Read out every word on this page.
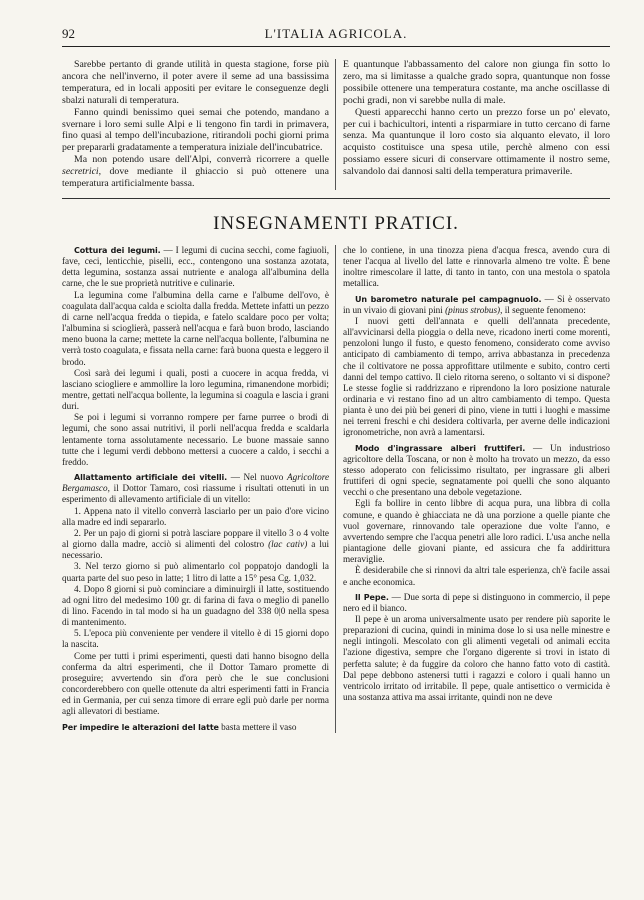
92	L'ITALIA AGRICOLA.

Sarebbe pertanto di grande utilità in questa stagione, forse più ancora che nell'inverno, il poter avere il seme ad una bassissima temperatura, ed in locali appositi per evitare le conseguenze degli sbalzi naturali di temperatura.

Fanno quindi benissimo quei semai che potendo, mandano a svernare i loro semi sulle Alpi e li tengono fin tardi in primavera, fino quasi al tempo dell'incubazione, ritirandoli pochi giorni prima per prepararli gradatamente a temperatura iniziale dell'incubatrice.

Ma non potendo usare dell'Alpi, converrà ricorrere a quelle secretrici, dove mediante il ghiaccio si può ottenere una temperatura artificialmente bassa.

E quantunque l'abbassamento del calore non giunga fin sotto lo zero, ma si limitasse a qualche grado sopra, quantunque non fosse possibile ottenere una temperatura costante, ma anche oscillasse di pochi gradi, non vi sarebbe nulla di male.

Questi apparecchi hanno certo un prezzo forse un po' elevato, per cui i bachicultori, intenti a risparmiare in tutto cercano di farne senza. Ma quantunque il loro costo sia alquanto elevato, il loro acquisto costituisce una spesa utile, perchè almeno con essi possiamo essere sicuri di conservare ottimamente il nostro seme, salvandolo dai dannosi salti della temperatura primaverile.

INSEGNAMENTI PRATICI.

Cottura dei legumi. — I legumi di cucina secchi, come fagiuoli, fave, ceci, lenticchie, piselli, ecc., contengono una sostanza azotata, detta legumina, sostanza assai nutriente e analoga all'albumina della carne, che le sue proprietà nutritive e culinarie.

La legumina come l'albumina della carne e l'albume dell'ovo, è coagulata dall'acqua calda e sciolta dalla fredda. Mettete infatti un pezzo di carne nell'acqua fredda o tiepida, e fatelo scaldare poco per volta; l'albumina si scioglierà, passerà nell'acqua e farà buon brodo, lasciando meno buona la carne; mettete la carne nell'acqua bollente, l'albumina ne verrà tosto coagulata, e fissata nella carne: farà buona questa e leggero il brodo.

Così sarà dei legumi i quali, posti a cuocere in acqua fredda, vi lasciano sciogliere e ammollire la loro legumina, rimanendone morbidi; mentre, gettati nell'acqua bollente, la legumina si coagula e lascia i grani duri.

Se poi i legumi si vorranno rompere per farne purree o brodi di legumi, che sono assai nutritivi, il porli nell'acqua fredda e scaldarla lentamente torna assolutamente necessario. Le buone massaie sanno tutte che i legumi verdi debbono mettersi a cuocere a caldo, i secchi a freddo.

Allattamento artificiale dei vitelli. — Nel nuovo Agricoltore Bergamasco, il Dottor Tamaro, così riassume i risultati ottenuti in un esperimento di allevamento artificiale di un vitello:

1. Appena nato il vitello converrà lasciarlo per un paio d'ore vicino alla madre ed indi separarlo.

2. Per un pajo di giorni si potrà lasciare poppare il vitello 3 o 4 volte al giorno dalla madre, acciò si alimenti del colostro (lac cativ) a lui necessario.

3. Nel terzo giorno si può alimentarlo col poppatojo dandogli la quarta parte del suo peso in latte; 1 litro di latte a 15° pesa Cg. 1,032.

4. Dopo 8 giorni si può cominciare a diminuirgli il latte, sostituendo ad ogni litro del medesimo 100 gr. di farina di fava o meglio di panello di lino. Facendo in tal modo si ha un guadagno del 338 0|0 nella spesa di mantenimento.

5. L'epoca più conveniente per vendere il vitello è di 15 giorni dopo la nascita.

Come per tutti i primi esperimenti, questi dati hanno bisogno della conferma da altri esperimenti, che il Dottor Tamaro promette di proseguire; avvertendo sin d'ora però che le sue conclusioni concorderebbero con quelle ottenute da altri esperimenti fatti in Francia ed in Germania, per cui senza timore di errare egli può darle per norma agli allevatori di bestiame.

Per impedire le alterazioni del latte basta mettere il vaso

che lo contiene, in una tinozza piena d'acqua fresca, avendo cura di tener l'acqua al livello del latte e rinnovarla almeno tre volte. È bene inoltre rimescolare il latte, di tanto in tanto, con una mestola o spatola metallica.

Un barometro naturale pel campagnuolo. — Si è osservato in un vivaio di giovani pini (pinus strobus), il seguente fenomeno:

I nuovi getti dell'annata e quelli dell'annata precedente, all'avvicinarsi della pioggia o della neve, ricadono inerti come morenti, penzoloni lungo il fusto, e questo fenomeno, considerato come avviso anticipato di cambiamento di tempo, arriva abbastanza in precedenza che il coltivatore ne possa approfittare utilmente e subito, contro certi danni del tempo cattivo. Il cielo ritorna sereno, o soltanto vi si dispone? Le stesse foglie si raddrizzano e riprendono la loro posizione naturale ordinaria e vi restano fino ad un altro cambiamento di tempo. Questa pianta è uno dei più bei generi di pino, viene in tutti i luoghi e massime nei terreni freschi e chi desidera coltivarla, per averne delle indicazioni igronometriche, non avrà a lamentarsi.

Modo d'ingrassare alberi fruttiferi. — Un industrioso agricoltore della Toscana, or non è molto ha trovato un mezzo, da esso stesso adoperato con felicissimo risultato, per ingrassare gli alberi fruttiferi di ogni specie, segnatamente poi quelli che sono alquanto vecchi o che presentano una debole vegetazione.

Egli fa bollire in cento libbre di acqua pura, una libbra di colla comune, e quando è ghiacciata ne dà una porzione a quelle piante che vuol governare, rinnovando tale operazione due volte l'anno, e avvertendo sempre che l'acqua penetri alle loro radici. L'usa anche nella piantagione delle giovani piante, ed assicura che fa addirittura meraviglie.

È desiderabile che si rinnovi da altri tale esperienza, ch'è facile assai e anche economica.

Il Pepe. — Due sorta di pepe si distinguono in commercio, il pepe nero ed il bianco.

Il pepe è un aroma universalmente usato per rendere più saporite le preparazioni di cucina, quindi in minima dose lo si usa nelle minestre e negli intingoli. Mescolato con gli alimenti vegetali od animali eccita l'azione digestiva, sempre che l'organo digerente si trovi in istato di perfetta salute; è da fuggire da coloro che hanno fatto voto di castità. Dal pepe debbono astenersi tutti i ragazzi e coloro i quali hanno un ventricolo irritato od irritabile. Il pepe, quale antisettico o vermicida è una sostanza attiva ma assai irritante, quindi non ne deve
